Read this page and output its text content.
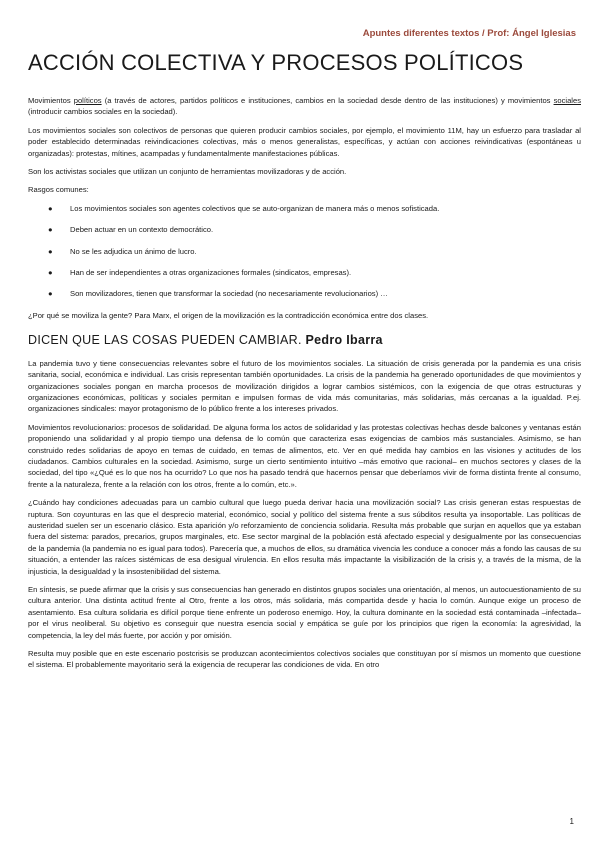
Apuntes diferentes textos / Prof: Ángel Iglesias
ACCIÓN COLECTIVA Y PROCESOS POLÍTICOS

Movimientos políticos (a través de actores, partidos políticos e instituciones, cambios en la sociedad desde dentro de las instituciones) y movimientos sociales (introducir cambios sociales en la sociedad).

Los movimientos sociales son colectivos de personas que quieren producir cambios sociales, por ejemplo, el movimiento 11M, hay un esfuerzo para trasladar al poder establecido determinadas reivindicaciones colectivas, más o menos generalistas, específicas, y actúan con acciones reivindicativas (espontáneas u organizadas): protestas, mítines, acampadas y fundamentalmente manifestaciones públicas.

Son los activistas sociales que utilizan un conjunto de herramientas movilizadoras y de acción.

Rasgos comunes:
● Los movimientos sociales son agentes colectivos que se auto-organizan de manera más o menos sofisticada.
● Deben actuar en un contexto democrático.
● No se les adjudica un ánimo de lucro.
● Han de ser independientes a otras organizaciones formales (sindicatos, empresas).
● Son movilizadores, tienen que transformar la sociedad (no necesariamente revolucionarios) …

¿Por qué se moviliza la gente? Para Marx, el origen de la movilización es la contradicción económica entre dos clases.

DICEN QUE LAS COSAS PUEDEN CAMBIAR. Pedro Ibarra

La pandemia tuvo y tiene consecuencias relevantes sobre el futuro de los movimientos sociales. La situación de crisis generada por la pandemia es una crisis sanitaria, social, económica e individual. Las crisis representan también oportunidades. La crisis de la pandemia ha generado oportunidades de que movimientos y organizaciones sociales pongan en marcha procesos de movilización dirigidos a lograr cambios sistémicos, con la exigencia de que otras estructuras y organizaciones económicas, políticas y sociales permitan e impulsen formas de vida más comunitarias, más solidarias, más cercanas a la igualdad. P.ej. organizaciones sindicales: mayor protagonismo de lo público frente a los intereses privados.

Movimientos revolucionarios: procesos de solidaridad. De alguna forma los actos de solidaridad y las protestas colectivas hechas desde balcones y ventanas están proponiendo una solidaridad y al propio tiempo una defensa de lo común que caracteriza esas exigencias de cambios más sustanciales. Asimismo, se han construido redes solidarias de apoyo en temas de cuidado, en temas de alimentos, etc. Ver en qué medida hay cambios en las visiones y actitudes de los ciudadanos. Cambios culturales en la sociedad. Asimismo, surge un cierto sentimiento intuitivo –más emotivo que racional– en muchos sectores y clases de la sociedad, del tipo «¿Qué es lo que nos ha ocurrido? Lo que nos ha pasado tendrá que hacernos pensar que deberíamos vivir de forma distinta frente al consumo, frente a la naturaleza, frente a la relación con los otros, frente a lo común, etc.».

¿Cuándo hay condiciones adecuadas para un cambio cultural que luego pueda derivar hacia una movilización social? Las crisis generan estas respuestas de ruptura. Son coyunturas en las que el desprecio material, económico, social y político del sistema frente a sus súbditos resulta ya insoportable. Las políticas de austeridad suelen ser un escenario clásico. Esta aparición y/o reforzamiento de conciencia solidaria. Resulta más probable que surjan en aquellos que ya estaban fuera del sistema: parados, precarios, grupos marginales, etc. Ese sector marginal de la población está afectado especial y desigualmente por las consecuencias de la pandemia (la pandemia no es igual para todos). Parecería que, a muchos de ellos, su dramática vivencia les conduce a conocer más a fondo las causas de su situación, a entender las raíces sistémicas de esa desigual virulencia. En ellos resulta más impactante la visibilización de la crisis y, a través de la misma, de la injusticia, la desigualdad y la insostenibilidad del sistema.

En síntesis, se puede afirmar que la crisis y sus consecuencias han generado en distintos grupos sociales una orientación, al menos, un autocuestionamiento de su cultura anterior. Una distinta actitud frente al Otro, frente a los otros, más solidaria, más compartida desde y hacia lo común. Aunque exige un proceso de asentamiento. Esa cultura solidaria es difícil porque tiene enfrente un poderoso enemigo. Hoy, la cultura dominante en la sociedad está contaminada –infectada– por el virus neoliberal. Su objetivo es conseguir que nuestra esencia social y empática se guíe por los principios que rigen la economía: la agresividad, la competencia, la ley del más fuerte, por acción y por omisión.

Resulta muy posible que en este escenario postcrisis se produzcan acontecimientos colectivos sociales que constituyan por sí mismos un momento que cuestione el sistema. El probablemente mayoritario será la exigencia de recuperar las condiciones de vida. En otro

1
